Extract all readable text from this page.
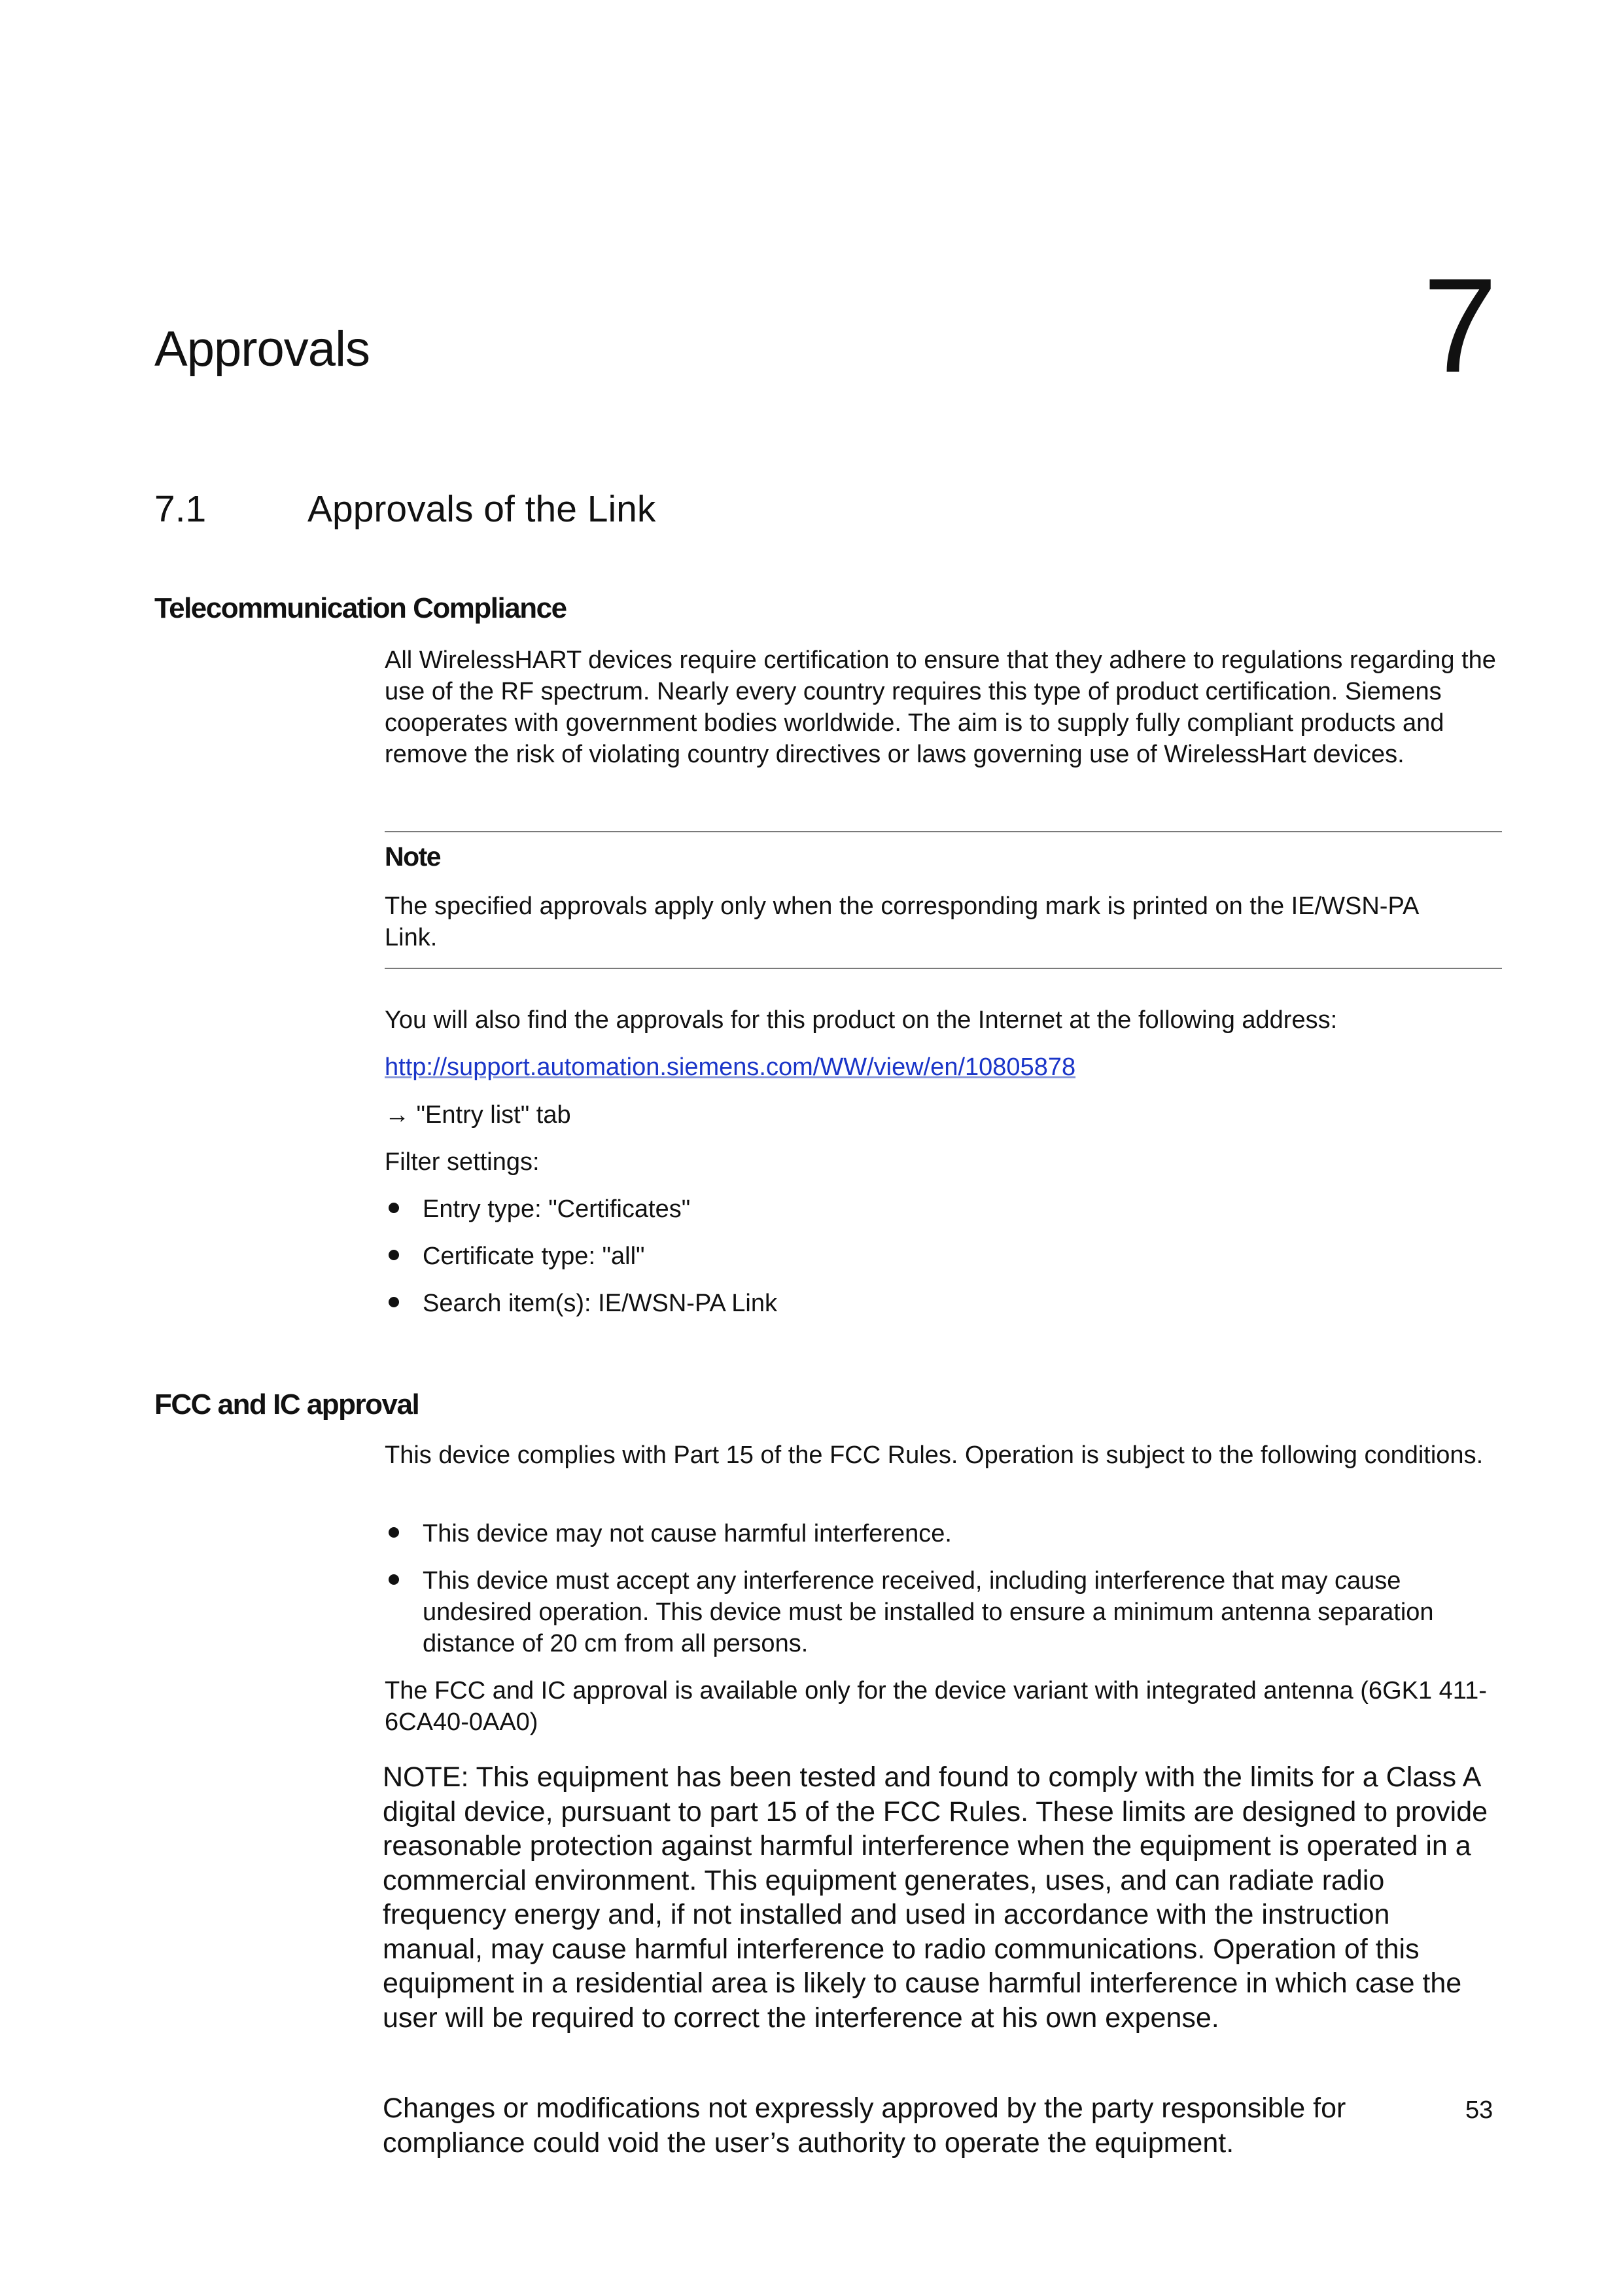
Approvals	7
7.1	Approvals of the Link
Telecommunication Compliance

All WirelessHART devices require certification to ensure that they adhere to regulations regarding the use of the RF spectrum. Nearly every country requires this type of product certification. Siemens cooperates with government bodies worldwide. The aim is to supply fully compliant products and remove the risk of violating country directives or laws governing use of WirelessHart devices.

Note

The specified approvals apply only when the corresponding mark is printed on the IE/WSN-PA Link.

You will also find the approvals for this product on the Internet at the following address:
http://support.automation.siemens.com/WW/view/en/10805878
→ "Entry list" tab
Filter settings:
Entry type: "Certificates"
Certificate type: "all"
Search item(s): IE/WSN-PA Link
FCC and IC approval

This device complies with Part 15 of the FCC Rules. Operation is subject to the following conditions.

This device may not cause harmful interference.
This device must accept any interference received, including interference that may cause undesired operation. This device must be installed to ensure a minimum antenna separation distance of 20 cm from all persons.

The FCC and IC approval is available only for the device variant with integrated antenna (6GK1 411-6CA40-0AA0)

NOTE: This equipment has been tested and found to comply with the limits for a Class A digital device, pursuant to part 15 of the FCC Rules. These limits are designed to provide reasonable protection against harmful interference when the equipment is operated in a commercial environment. This equipment generates, uses, and can radiate radio frequency energy and, if not installed and used in accordance with the instruction manual, may cause harmful interference to radio communications. Operation of this equipment in a residential area is likely to cause harmful interference in which case the user will be required to correct the interference at his own expense.

Changes or modifications not expressly approved by the party responsible for compliance could void the user’s authority to operate the equipment.

53
